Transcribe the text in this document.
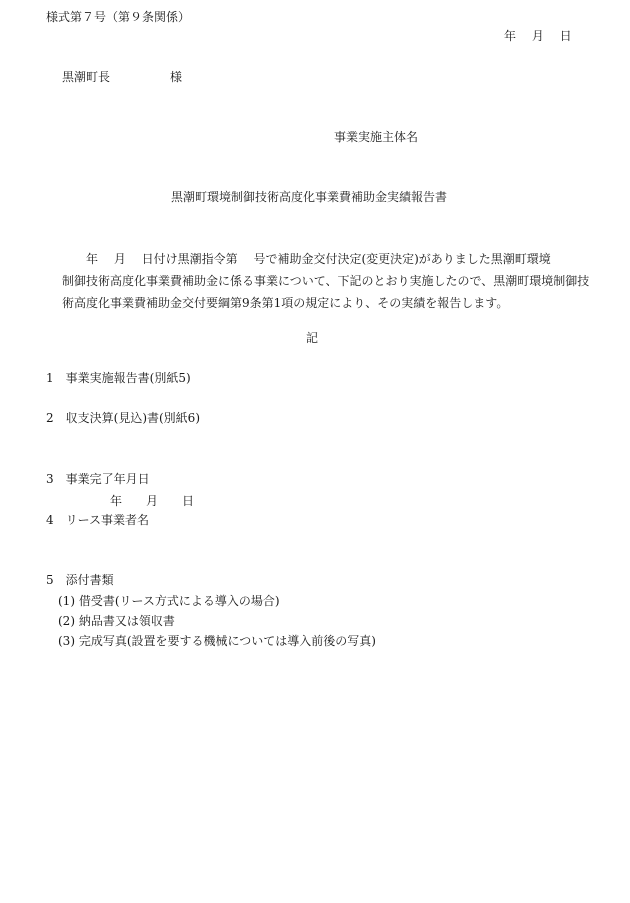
様式第７号（第９条関係）
年　 月　 日
黒潮町長　　　　　様
事業実施主体名
黒潮町環境制御技術高度化事業費補助金実績報告書
　　年　 月　 日付け黒潮指令第　 号で補助金交付決定(変更決定)がありました黒潮町環境
制御技術高度化事業費補助金に係る事業について、下記のとおり実施したので、黒潮町環境制御技
術高度化事業費補助金交付要綱第9条第1項の規定により、その実績を報告します。
記
1　事業実施報告書(別紙5)
2　収支決算(見込)書(別紙6)
3　事業完了年月日
年　　月　　日
4　リース事業者名
5　添付書類
(1) 借受書(リース方式による導入の場合)
(2) 納品書又は領収書
(3) 完成写真(設置を要する機械については導入前後の写真)
